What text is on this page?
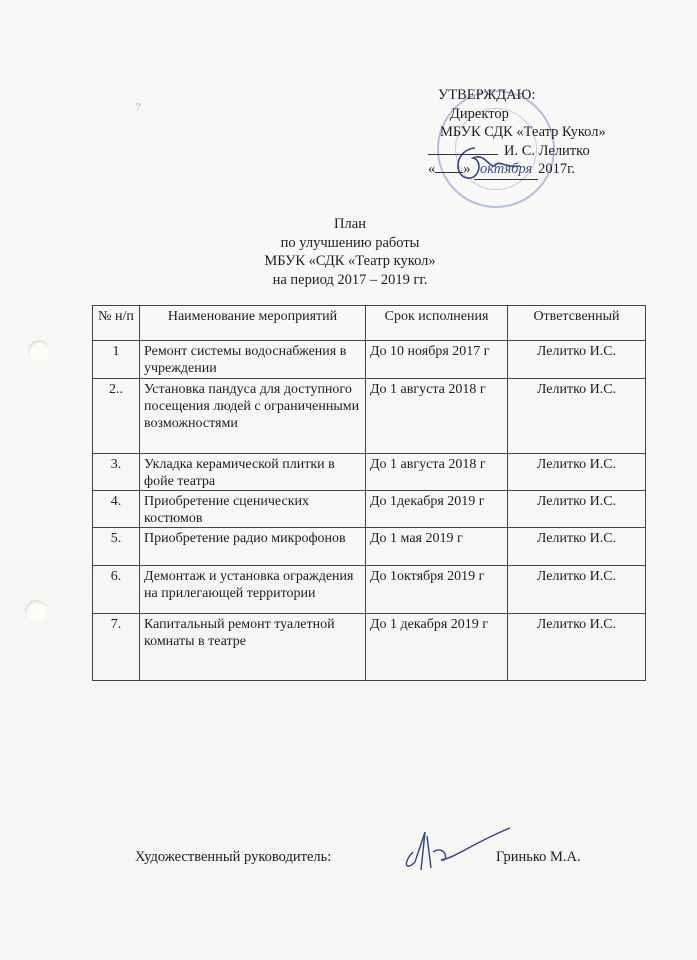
7
УТВЕРЖДАЮ:
Директор
МБУК СДК «Театр Кукол»
И. С. Лелитко
« » октября 2017г.
План
по улучшению работы
МБУК «СДК «Театр кукол»
на период 2017 – 2019 гг.
№ н/п	Наименование мероприятий	Срок исполнения	Ответсвенный
1	Ремонт системы водоснабжения в учреждении	До 10 ноября 2017 г	Лелитко И.С.
2..	Установка пандуса для доступного посещения людей с ограниченными возможностями	До 1 августа 2018 г	Лелитко И.С.
3.	Укладка керамической плитки в фойе театра	До 1 августа 2018 г	Лелитко И.С.
4.	Приобретение сценических костюмов	До 1декабря 2019 г	Лелитко И.С.
5.	Приобретение радио микрофонов	До 1 мая 2019 г	Лелитко И.С.
6.	Демонтаж и установка ограждения на прилегающей территории	До 1октября 2019 г	Лелитко И.С.
7.	Капитальный ремонт туалетной комнаты в театре	До 1 декабря 2019 г	Лелитко И.С.
Художественный руководитель:	Гринько М.А.
